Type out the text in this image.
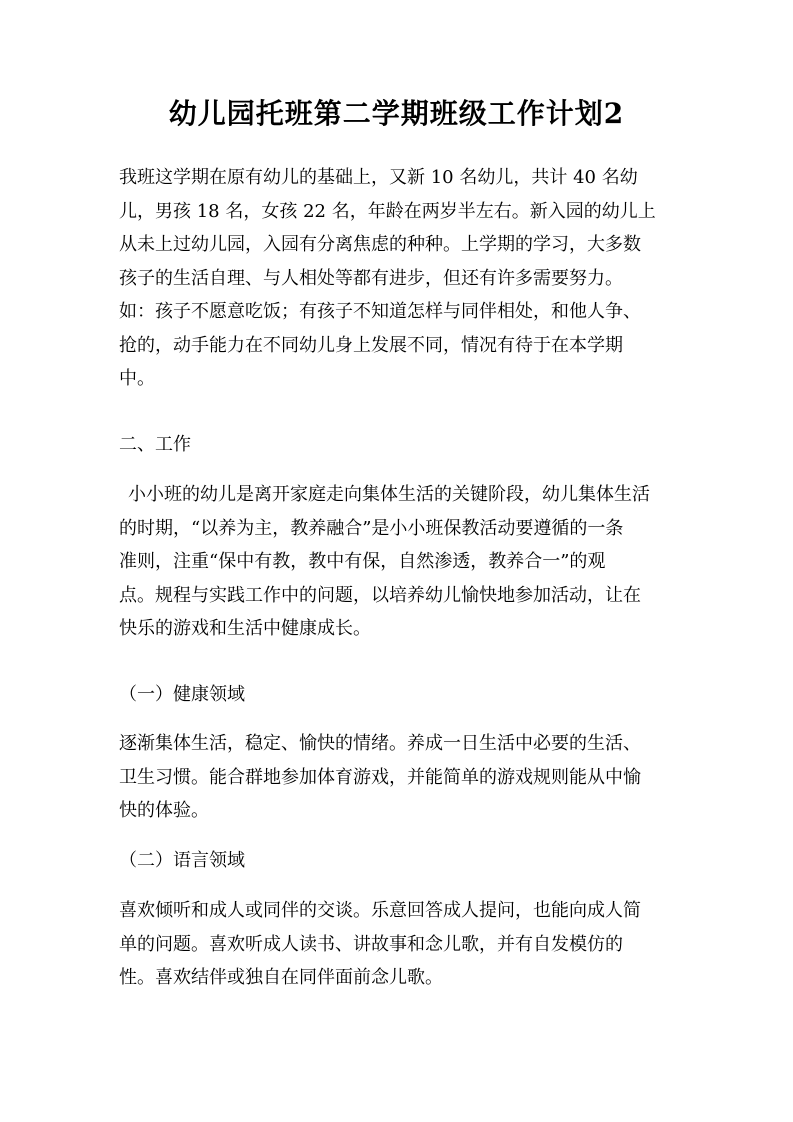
幼儿园托班第二学期班级工作计划2
我班这学期在原有幼儿的基础上，又新 10 名幼儿，共计 40 名幼
儿，男孩 18 名，女孩 22 名，年龄在两岁半左右。新入园的幼儿上
从未上过幼儿园，入园有分离焦虑的种种。上学期的学习，大多数
孩子的生活自理、与人相处等都有进步，但还有许多需要努力。
如：孩子不愿意吃饭；有孩子不知道怎样与同伴相处，和他人争、
抢的，动手能力在不同幼儿身上发展不同，情况有待于在本学期
中。
二、工作
小小班的幼儿是离开家庭走向集体生活的关键阶段，幼儿集体生活
的时期，“以养为主，教养融合”是小小班保教活动要遵循的一条
准则，注重“保中有教，教中有保，自然渗透，教养合一”的观
点。规程与实践工作中的问题，以培养幼儿愉快地参加活动，让在
快乐的游戏和生活中健康成长。
（一）健康领域
逐渐集体生活，稳定、愉快的情绪。养成一日生活中必要的生活、
卫生习惯。能合群地参加体育游戏，并能简单的游戏规则能从中愉
快的体验。
（二）语言领域
喜欢倾听和成人或同伴的交谈。乐意回答成人提问，也能向成人简
单的问题。喜欢听成人读书、讲故事和念儿歌，并有自发模仿的
性。喜欢结伴或独自在同伴面前念儿歌。
